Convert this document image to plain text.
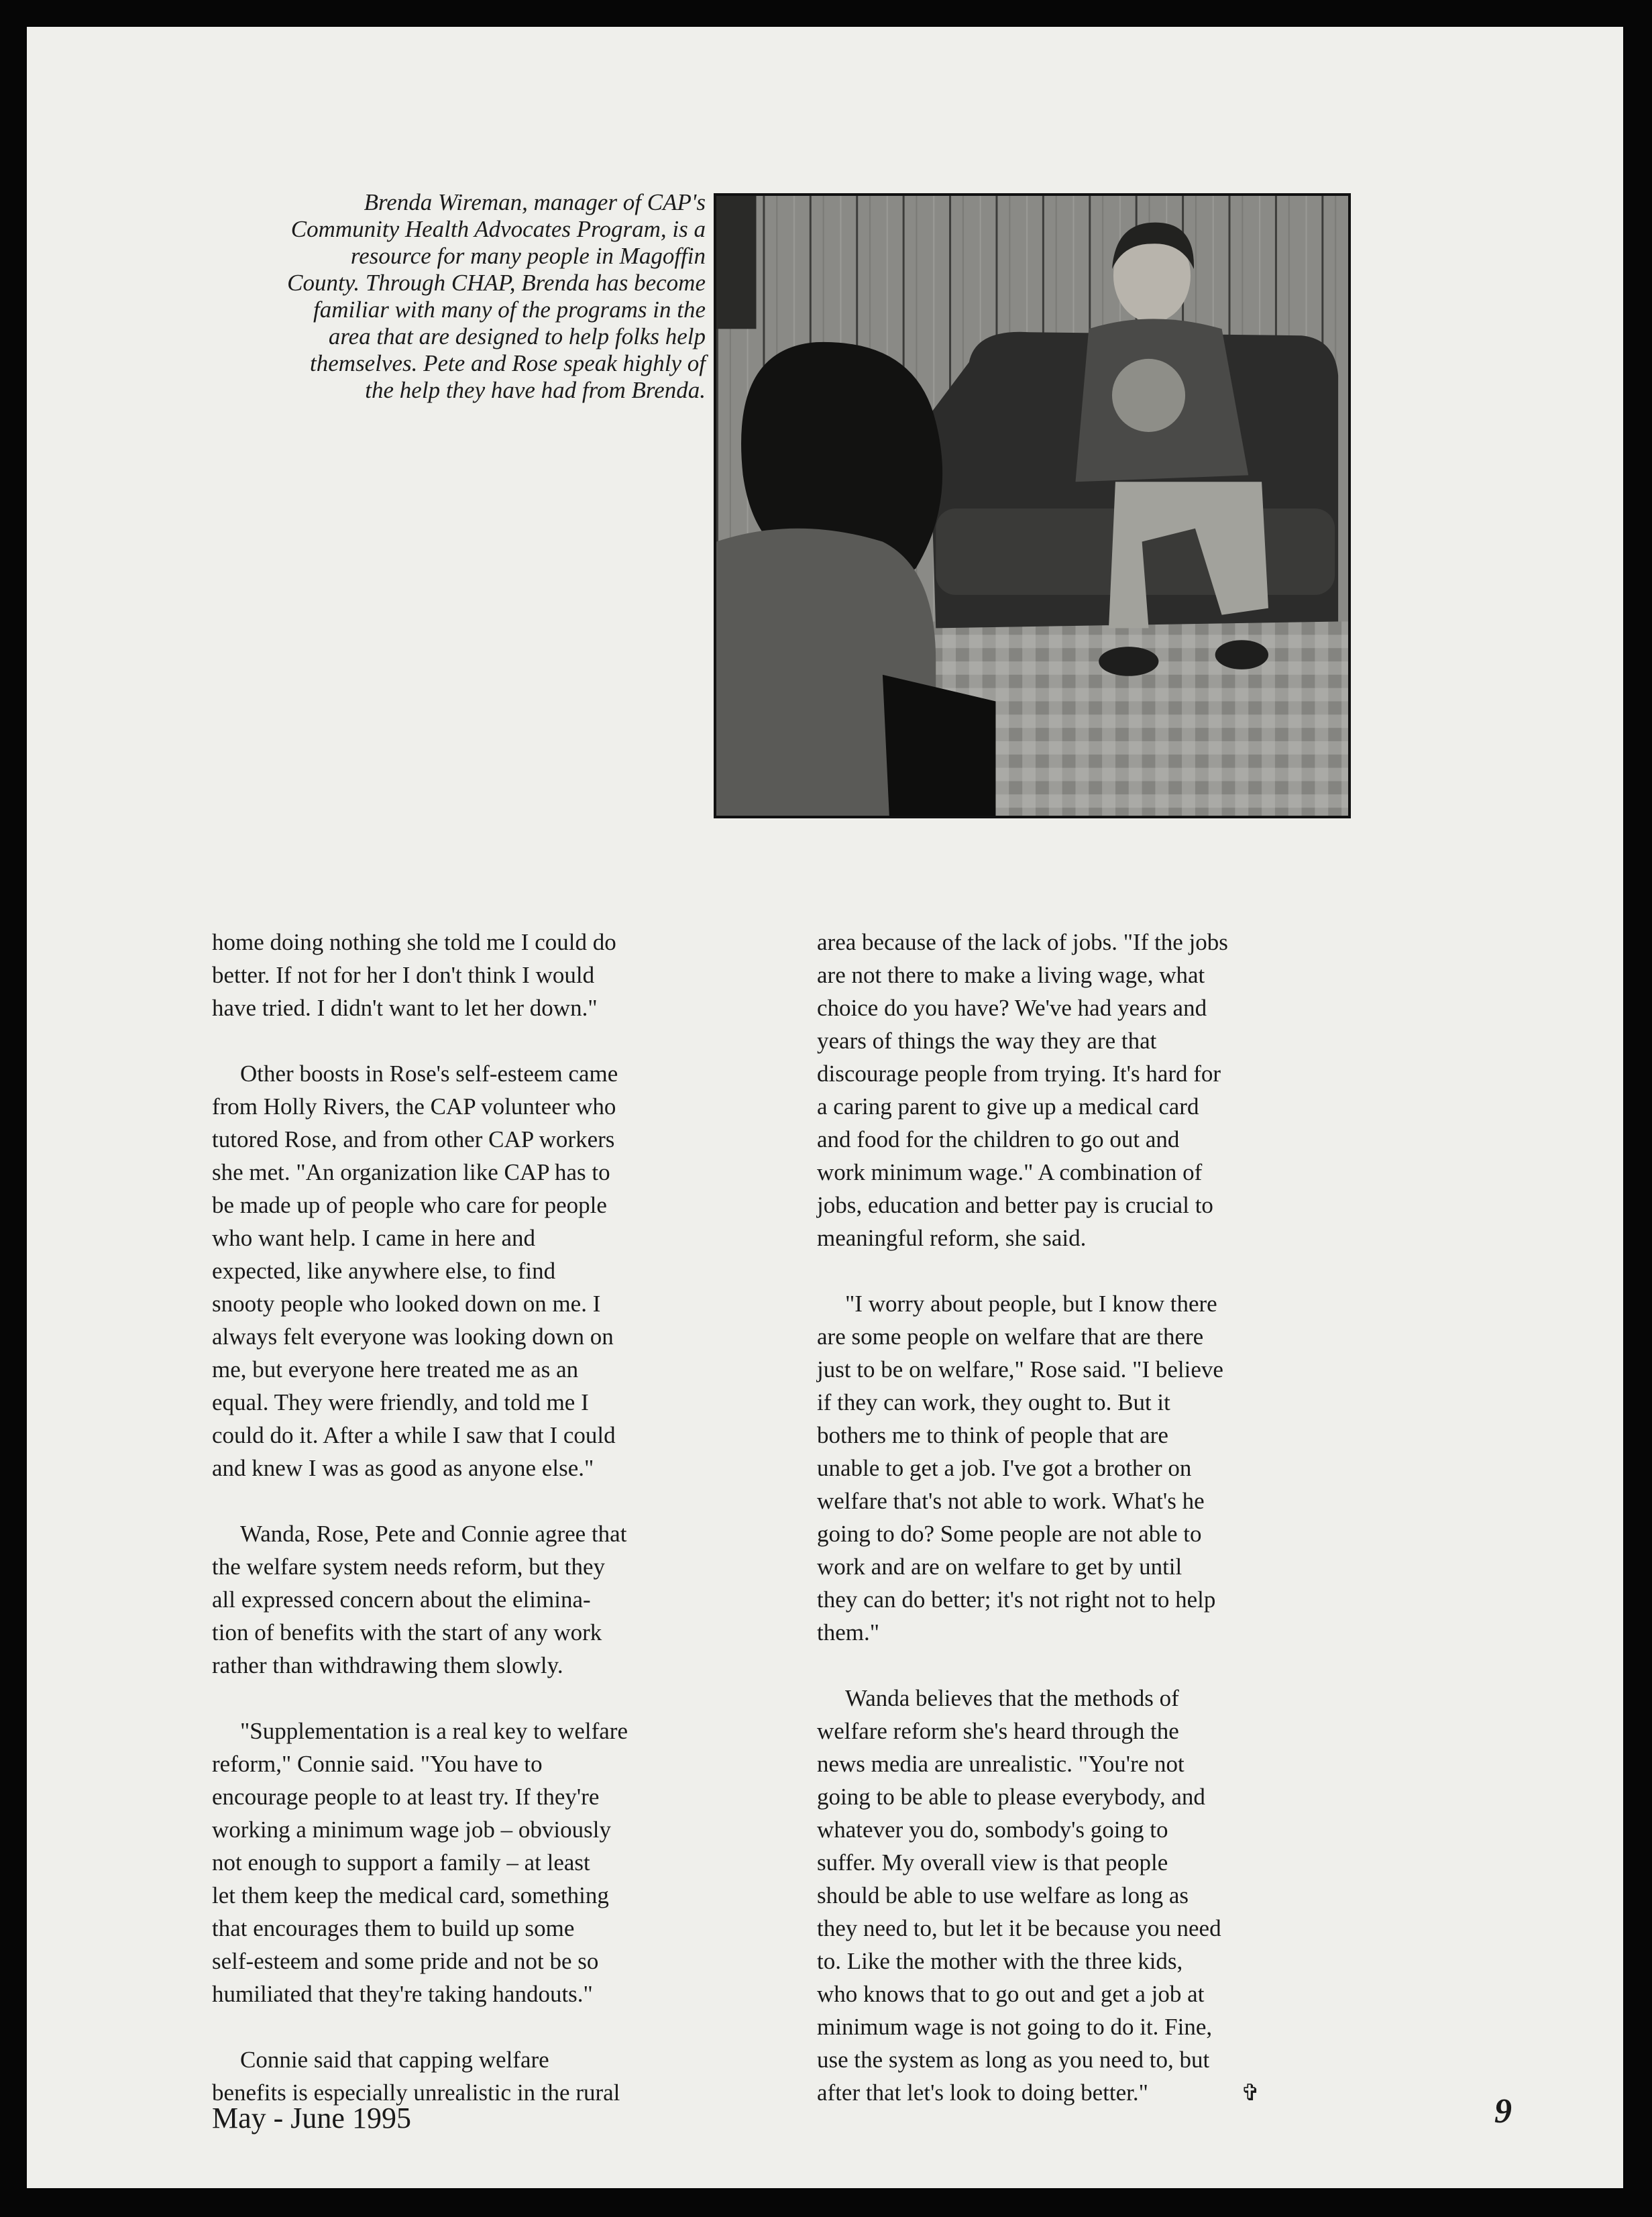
Brenda Wireman, manager of CAP's
Community Health Advocates Program, is a
resource for many people in Magoffin
County. Through CHAP, Brenda has become
familiar with many of the programs in the
area that are designed to help folks help
themselves. Pete and Rose speak highly of
the help they have had from Brenda.

home doing nothing she told me I could do
better. If not for her I don't think I would
have tried. I didn't want to let her down."

Other boosts in Rose's self-esteem came
from Holly Rivers, the CAP volunteer who
tutored Rose, and from other CAP workers
she met. "An organization like CAP has to
be made up of people who care for people
who want help. I came in here and
expected, like anywhere else, to find
snooty people who looked down on me. I
always felt everyone was looking down on
me, but everyone here treated me as an
equal. They were friendly, and told me I
could do it. After a while I saw that I could
and knew I was as good as anyone else."

Wanda, Rose, Pete and Connie agree that
the welfare system needs reform, but they
all expressed concern about the elimina-
tion of benefits with the start of any work
rather than withdrawing them slowly.

"Supplementation is a real key to welfare
reform," Connie said. "You have to
encourage people to at least try. If they're
working a minimum wage job – obviously
not enough to support a family – at least
let them keep the medical card, something
that encourages them to build up some
self-esteem and some pride and not be so
humiliated that they're taking handouts."

Connie said that capping welfare
benefits is especially unrealistic in the rural

area because of the lack of jobs. "If the jobs
are not there to make a living wage, what
choice do you have? We've had years and
years of things the way they are that
discourage people from trying. It's hard for
a caring parent to give up a medical card
and food for the children to go out and
work minimum wage." A combination of
jobs, education and better pay is crucial to
meaningful reform, she said.

"I worry about people, but I know there
are some people on welfare that are there
just to be on welfare," Rose said. "I believe
if they can work, they ought to. But it
bothers me to think of people that are
unable to get a job. I've got a brother on
welfare that's not able to work. What's he
going to do? Some people are not able to
work and are on welfare to get by until
they can do better; it's not right not to help
them."

Wanda believes that the methods of
welfare reform she's heard through the
news media are unrealistic. "You're not
going to be able to please everybody, and
whatever you do, sombody's going to
suffer. My overall view is that people
should be able to use welfare as long as
they need to, but let it be because you need
to. Like the mother with the three kids,
who knows that to go out and get a job at
minimum wage is not going to do it. Fine,
use the system as long as you need to, but
after that let's look to doing better."	✞

May - June 1995	9
